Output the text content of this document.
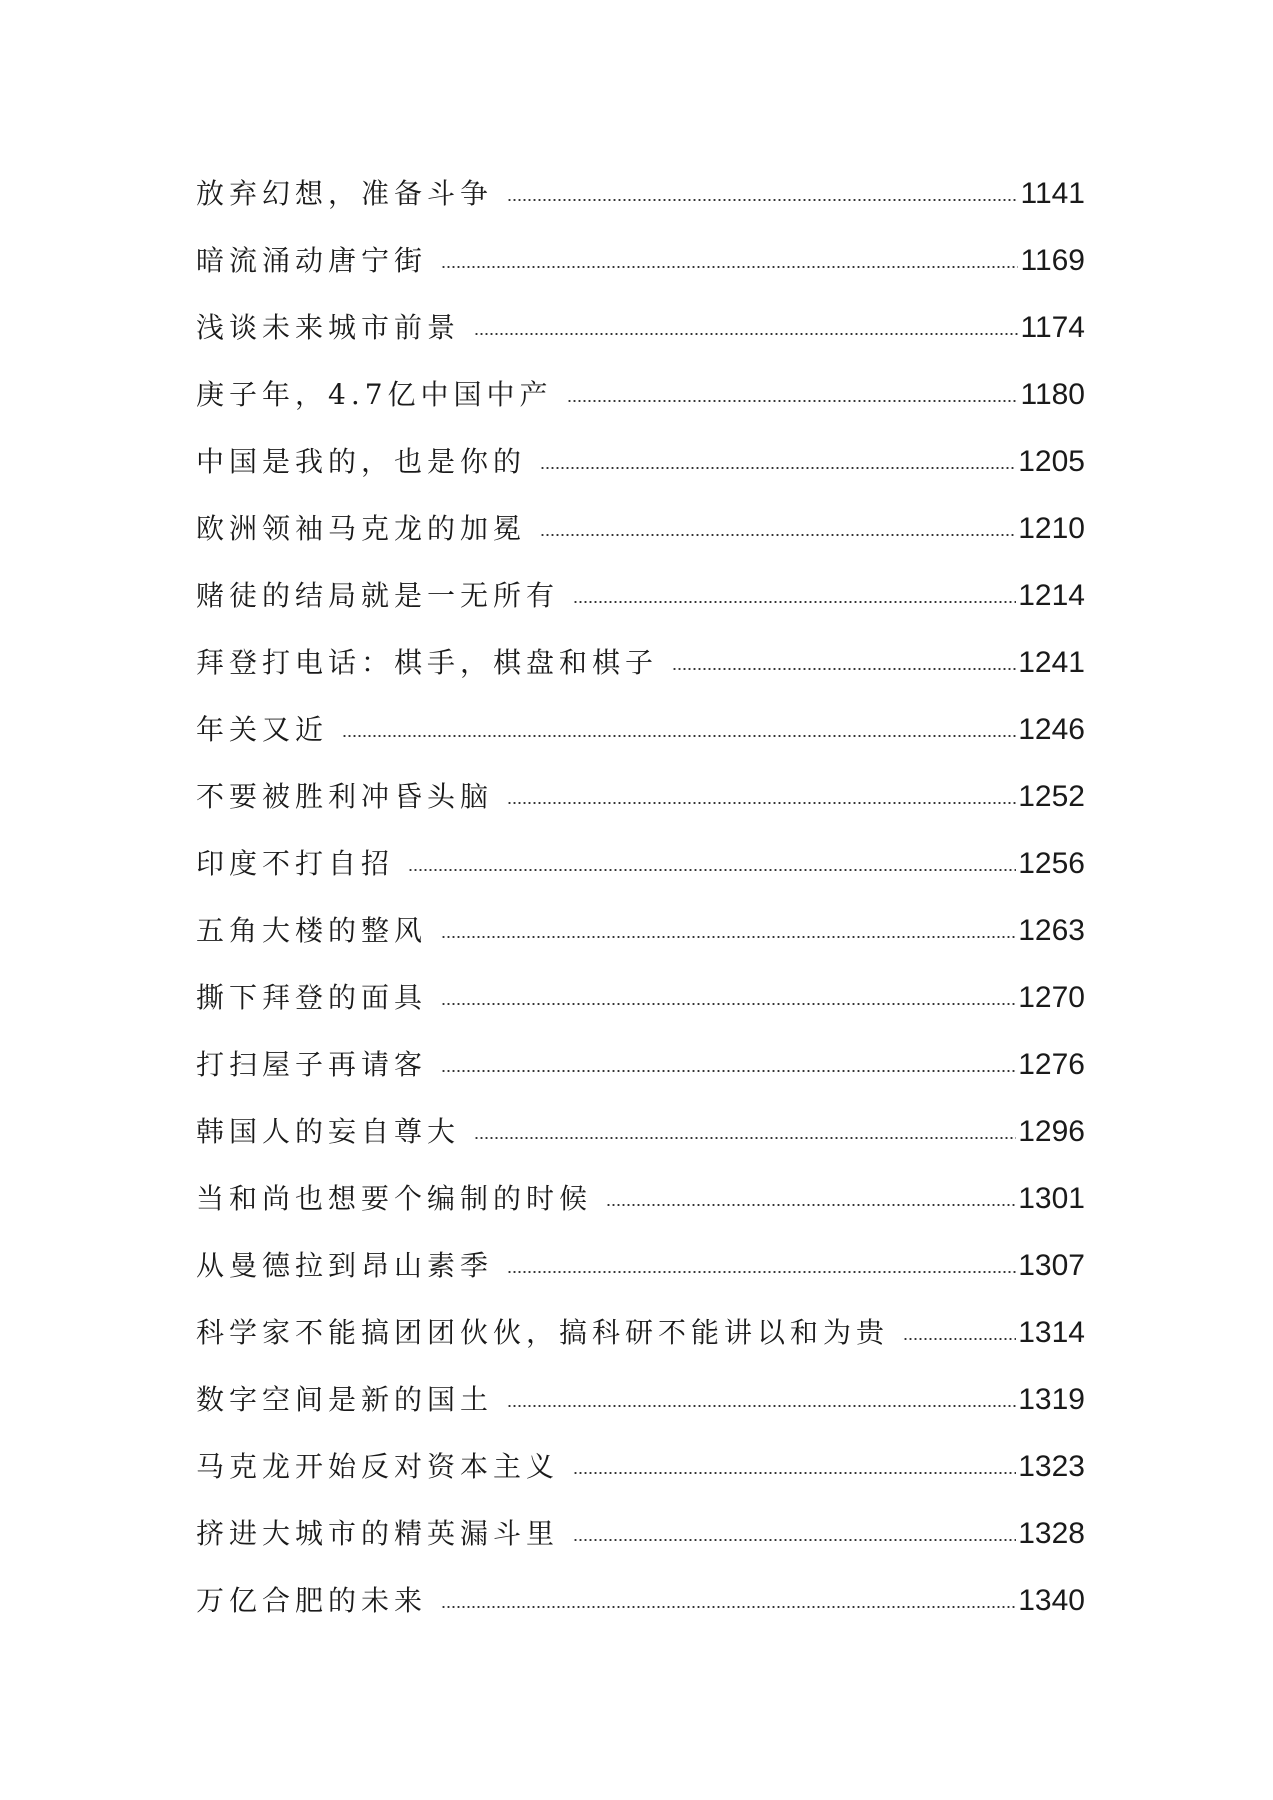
放弃幻想，准备斗争	1141
暗流涌动唐宁街	1169
浅谈未来城市前景	1174
庚子年，4.7亿中国中产	1180
中国是我的，也是你的	1205
欧洲领袖马克龙的加冕	1210
赌徒的结局就是一无所有	1214
拜登打电话：棋手，棋盘和棋子	1241
年关又近	1246
不要被胜利冲昏头脑	1252
印度不打自招	1256
五角大楼的整风	1263
撕下拜登的面具	1270
打扫屋子再请客	1276
韩国人的妄自尊大	1296
当和尚也想要个编制的时候	1301
从曼德拉到昂山素季	1307
科学家不能搞团团伙伙，搞科研不能讲以和为贵	1314
数字空间是新的国土	1319
马克龙开始反对资本主义	1323
挤进大城市的精英漏斗里	1328
万亿合肥的未来	1340
